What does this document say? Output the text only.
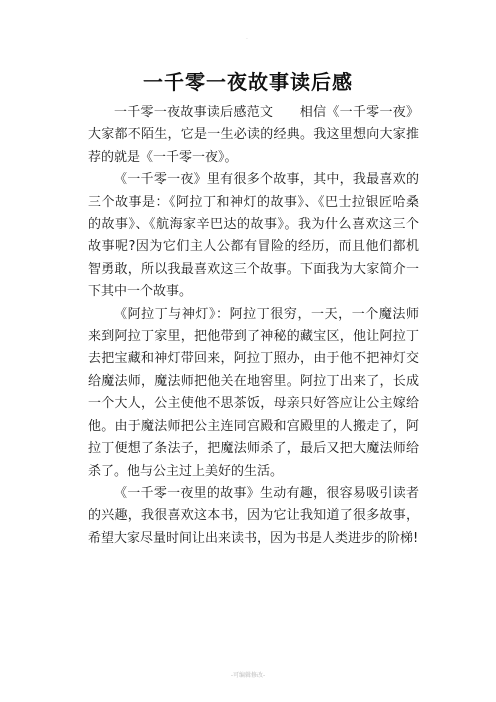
·
一千零一夜故事读后感

一千零一夜故事读后感范文　　相信《一千零一夜》大家都不陌生，它是一生必读的经典。我这里想向大家推荐的就是《一千零一夜》。

《一千零一夜》里有很多个故事，其中，我最喜欢的三个故事是：《阿拉丁和神灯的故事》、《巴士拉银匠哈桑的故事》、《航海家辛巴达的故事》。我为什么喜欢这三个故事呢?因为它们主人公都有冒险的经历，而且他们都机智勇敢，所以我最喜欢这三个故事。下面我为大家简介一下其中一个故事。

《阿拉丁与神灯》：阿拉丁很穷，一天，一个魔法师来到阿拉丁家里，把他带到了神秘的藏宝区，他让阿拉丁去把宝藏和神灯带回来，阿拉丁照办，由于他不把神灯交给魔法师，魔法师把他关在地窖里。阿拉丁出来了，长成一个大人，公主使他不思茶饭，母亲只好答应让公主嫁给他。由于魔法师把公主连同宫殿和宫殿里的人搬走了，阿拉丁便想了条法子，把魔法师杀了，最后又把大魔法师给杀了。他与公主过上美好的生活。

《一千零一夜里的故事》生动有趣，很容易吸引读者的兴趣，我很喜欢这本书，因为它让我知道了很多故事，希望大家尽量时间让出来读书，因为书是人类进步的阶梯!

-可编辑修改-
